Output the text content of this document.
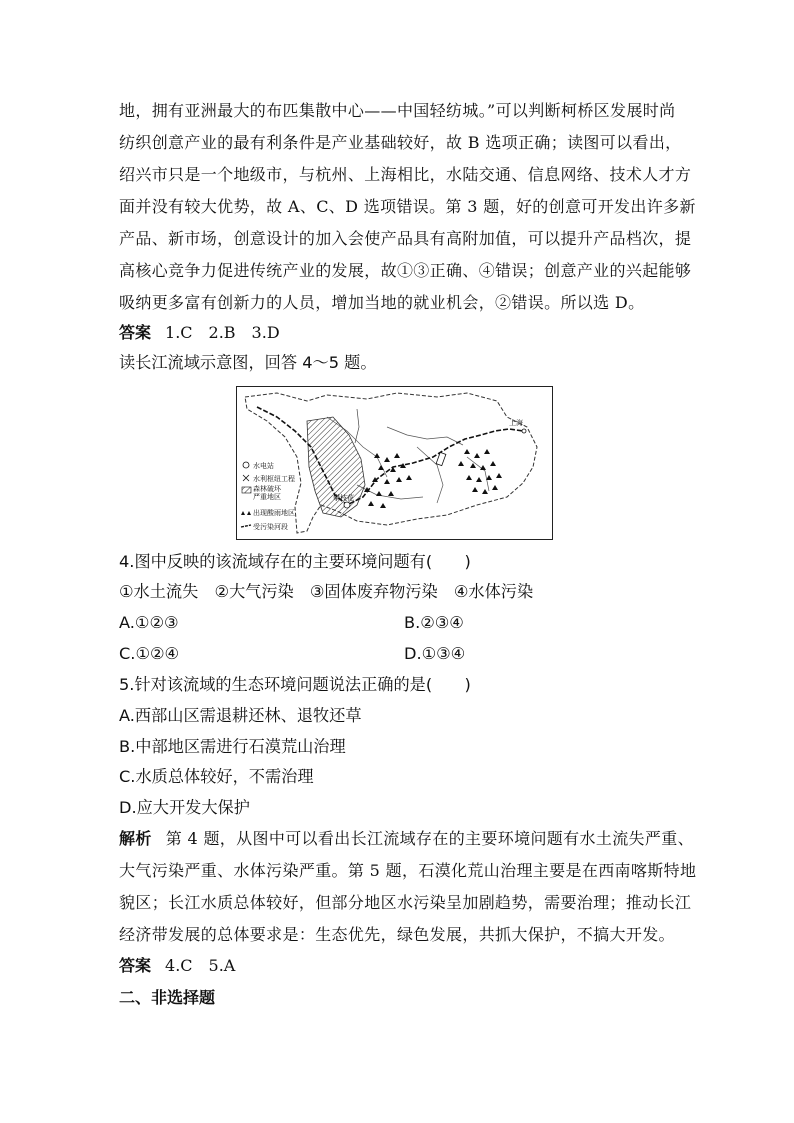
地，拥有亚洲最大的布匹集散中心——中国轻纺城。”可以判断柯桥区发展时尚
纺织创意产业的最有利条件是产业基础较好，故 B 选项正确；读图可以看出，
绍兴市只是一个地级市，与杭州、上海相比，水陆交通、信息网络、技术人才方
面并没有较大优势，故 A、C、D 选项错误。第 3 题，好的创意可开发出许多新
产品、新市场，创意设计的加入会使产品具有高附加值，可以提升产品档次，提
高核心竞争力促进传统产业的发展，故①③正确、④错误；创意产业的兴起能够
吸纳更多富有创新力的人员，增加当地的就业机会，②错误。所以选 D。
答案 1.C　2.B　3.D
读长江流域示意图，回答 4～5 题。
上海
攀枝花
水电站
水利枢纽工程
森林破坏
严重地区
出现酸雨地区
受污染河段
4.图中反映的该流域存在的主要环境问题有(　　)
①水土流失　②大气污染　③固体废弃物污染　④水体污染
A.①②③	B.②③④
C.①②④	D.①③④
5.针对该流域的生态环境问题说法正确的是(　　)
A.西部山区需退耕还林、退牧还草
B.中部地区需进行石漠荒山治理
C.水质总体较好，不需治理
D.应大开发大保护
解析 第 4 题，从图中可以看出长江流域存在的主要环境问题有水土流失严重、
大气污染严重、水体污染严重。第 5 题，石漠化荒山治理主要是在西南喀斯特地
貌区；长江水质总体较好，但部分地区水污染呈加剧趋势，需要治理；推动长江
经济带发展的总体要求是：生态优先，绿色发展，共抓大保护，不搞大开发。
答案 4.C　5.A
二、非选择题
